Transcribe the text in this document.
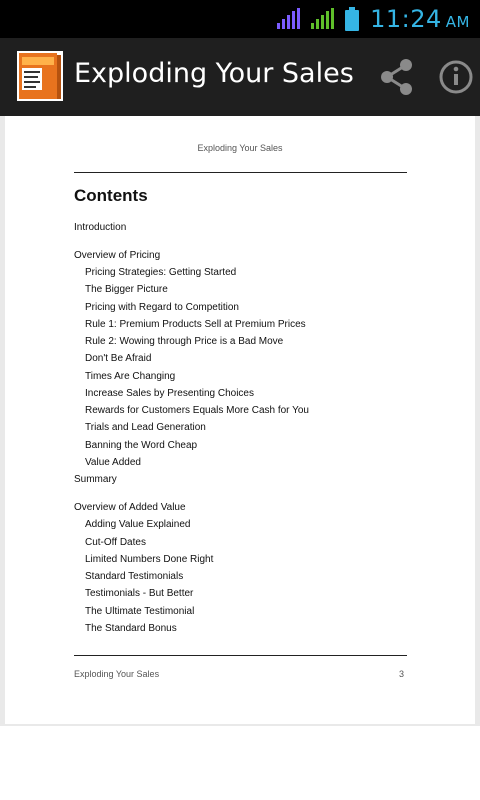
11:24 AM
Exploding Your Sales
Exploding Your Sales
Contents
Introduction
Overview of Pricing
Pricing Strategies: Getting Started
The Bigger Picture
Pricing with Regard to Competition
Rule 1: Premium Products Sell at Premium Prices
Rule 2: Wowing through Price is a Bad Move
Don't Be Afraid
Times Are Changing
Increase Sales by Presenting Choices
Rewards for Customers Equals More Cash for You
Trials and Lead Generation
Banning the Word Cheap
Value Added
Summary
Overview of Added Value
Adding Value Explained
Cut-Off Dates
Limited Numbers Done Right
Standard Testimonials
Testimonials - But Better
The Ultimate Testimonial
The Standard Bonus
Exploding Your Sales	3
